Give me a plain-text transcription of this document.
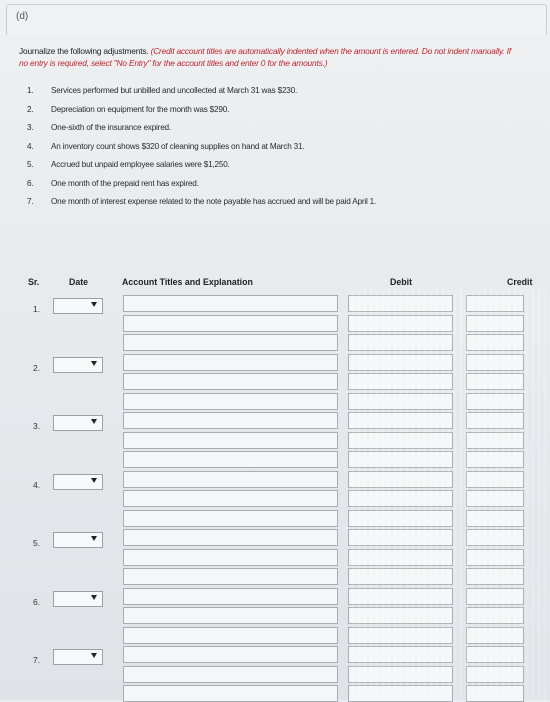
(d)
Journalize the following adjustments. (Credit account titles are automatically indented when the amount is entered. Do not indent manually. If no entry is required, select "No Entry" for the account titles and enter 0 for the amounts.)
1.	Services performed but unbilled and uncollected at March 31 was $230.
2.	Depreciation on equipment for the month was $290.
3.	One-sixth of the insurance expired.
4.	An inventory count shows $320 of cleaning supplies on hand at March 31.
5.	Accrued but unpaid employee salaries were $1,250.
6.	One month of the prepaid rent has expired.
7.	One month of interest expense related to the note payable has accrued and will be paid April 1.
Sr.	Date	Account Titles and Explanation	Debit	Credit
1.
2.
3.
4.
5.
6.
7.
